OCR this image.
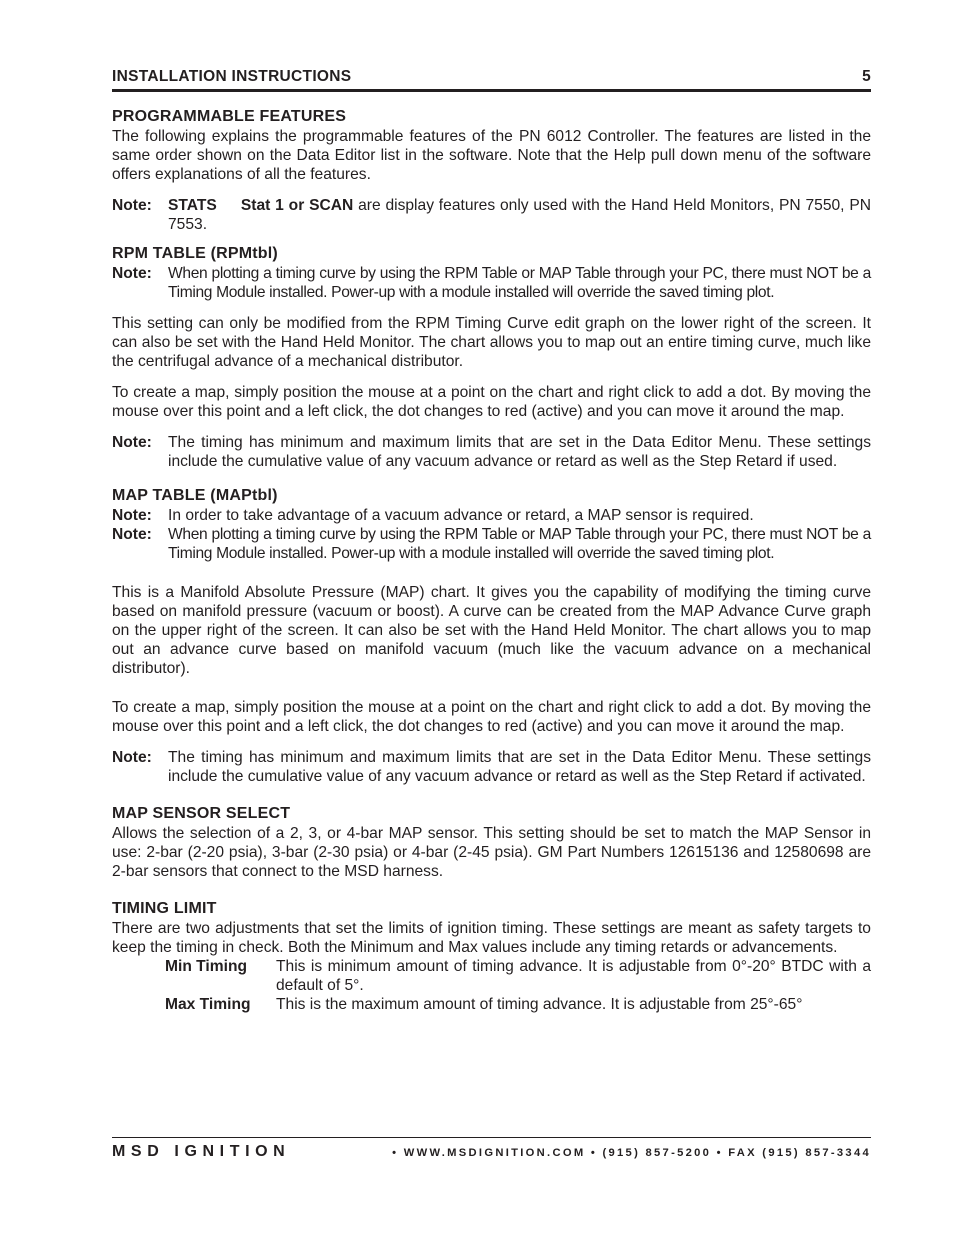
INSTALLATION INSTRUCTIONS	5
PROGRAMMABLE FEATURES

The following explains the programmable features of the PN 6012 Controller. The features are listed in the same order shown on the Data Editor list in the software. Note that the Help pull down menu of the software offers explanations of all the features.

Note:	STATS Stat 1 or SCAN are display features only used with the Hand Held Monitors, PN 7550, PN 7553.
RPM TABLE (RPMtbl)
Note:	When plotting a timing curve by using the RPM Table or MAP Table through your PC, there must NOT be a Timing Module installed. Power-up with a module installed will override the saved timing plot.

This setting can only be modified from the RPM Timing Curve edit graph on the lower right of the screen. It can also be set with the Hand Held Monitor. The chart allows you to map out an entire timing curve, much like the centrifugal advance of a mechanical distributor.

To create a map, simply position the mouse at a point on the chart and right click to add a dot. By moving the mouse over this point and a left click, the dot changes to red (active) and you can move it around the map.

Note:	The timing has minimum and maximum limits that are set in the Data Editor Menu. These settings include the cumulative value of any vacuum advance or retard as well as the Step Retard if used.
MAP TABLE (MAPtbl)
Note:	In order to take advantage of a vacuum advance or retard, a MAP sensor is required.
Note:	When plotting a timing curve by using the RPM Table or MAP Table through your PC, there must NOT be a Timing Module installed. Power-up with a module installed will override the saved timing plot.

This is a Manifold Absolute Pressure (MAP) chart. It gives you the capability of modifying the timing curve based on manifold pressure (vacuum or boost). A curve can be created from the MAP Advance Curve graph on the upper right of the screen. It can also be set with the Hand Held Monitor. The chart allows you to map out an advance curve based on manifold vacuum (much like the vacuum advance on a mechanical distributor).

To create a map, simply position the mouse at a point on the chart and right click to add a dot. By moving the mouse over this point and a left click, the dot changes to red (active) and you can move it around the map.

Note:	The timing has minimum and maximum limits that are set in the Data Editor Menu. These settings include the cumulative value of any vacuum advance or retard as well as the Step Retard if activated.
MAP SENSOR SELECT

Allows the selection of a 2, 3, or 4-bar MAP sensor. This setting should be set to match the MAP Sensor in use: 2-bar (2-20 psia), 3-bar (2-30 psia) or 4-bar (2-45 psia). GM Part Numbers 12615136 and 12580698 are 2-bar sensors that connect to the MSD harness.

TIMING LIMIT

There are two adjustments that set the limits of ignition timing. These settings are meant as safety targets to keep the timing in check. Both the Minimum and Max values include any timing retards or advancements.

Min Timing	This is minimum amount of timing advance. It is adjustable from 0°-20° BTDC with a default of 5°.
Max Timing	This is the maximum amount of timing advance. It is adjustable from 25°-65°
MSD IGNITION	• WWW.MSDIGNITION.COM • (915) 857-5200 • FAX (915) 857-3344
